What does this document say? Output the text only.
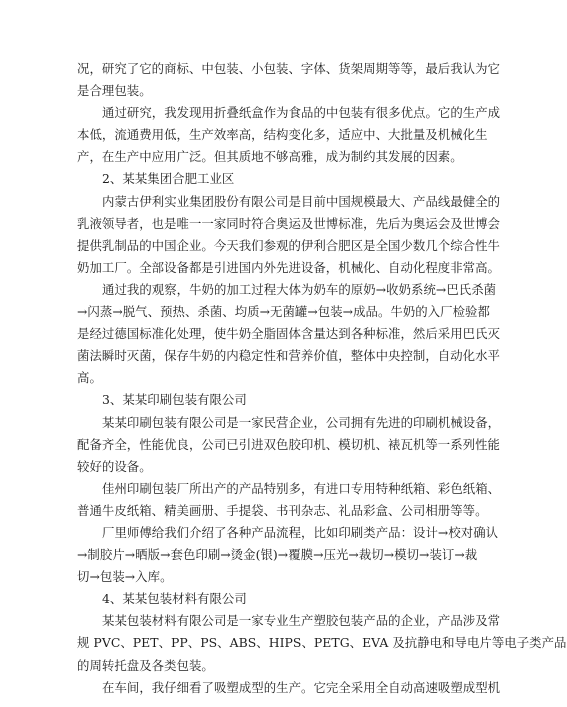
况，研究了它的商标、中包装、小包装、字体、货架周期等等，最后我认为它
是合理包装。
通过研究，我发现用折叠纸盒作为食品的中包装有很多优点。它的生产成
本低，流通费用低，生产效率高，结构变化多，适应中、大批量及机械化生
产，在生产中应用广泛。但其质地不够高雅，成为制约其发展的因素。
2、某某集团合肥工业区
内蒙古伊利实业集团股份有限公司是目前中国规模最大、产品线最健全的
乳液领导者，也是唯一一家同时符合奥运及世博标准，先后为奥运会及世博会
提供乳制品的中国企业。今天我们参观的伊利合肥区是全国少数几个综合性牛
奶加工厂。全部设备都是引进国内外先进设备，机械化、自动化程度非常高。
通过我的观察，牛奶的加工过程大体为奶车的原奶→收奶系统→巴氏杀菌
→闪蒸→脱气、预热、杀菌、均质→无菌罐→包装→成品。牛奶的入厂检验都
是经过德国标准化处理，使牛奶全脂固体含量达到各种标准，然后采用巴氏灭
菌法瞬时灭菌，保存牛奶的内稳定性和营养价值，整体中央控制，自动化水平
高。
3、某某印刷包装有限公司
某某印刷包装有限公司是一家民营企业，公司拥有先进的印刷机械设备，
配备齐全，性能优良，公司已引进双色胶印机、模切机、裱瓦机等一系列性能
较好的设备。
佳州印刷包装厂所出产的产品特别多，有进口专用特种纸箱、彩色纸箱、
普通牛皮纸箱、精美画册、手提袋、书刊杂志、礼品彩盒、公司相册等等。
厂里师傅给我们介绍了各种产品流程，比如印刷类产品：设计→校对确认
→制胶片→晒版→套色印刷→烫金(银)→覆膜→压光→裁切→模切→装订→裁
切→包装→入库。
4、某某包装材料有限公司
某某包装材料有限公司是一家专业生产塑胶包装产品的企业，产品涉及常
规 PVC、PET、PP、PS、ABS、HIPS、PETG、EVA 及抗静电和导电片等电子类产品
的周转托盘及各类包装。
在车间，我仔细看了吸塑成型的生产。它完全采用全自动高速吸塑成型机
